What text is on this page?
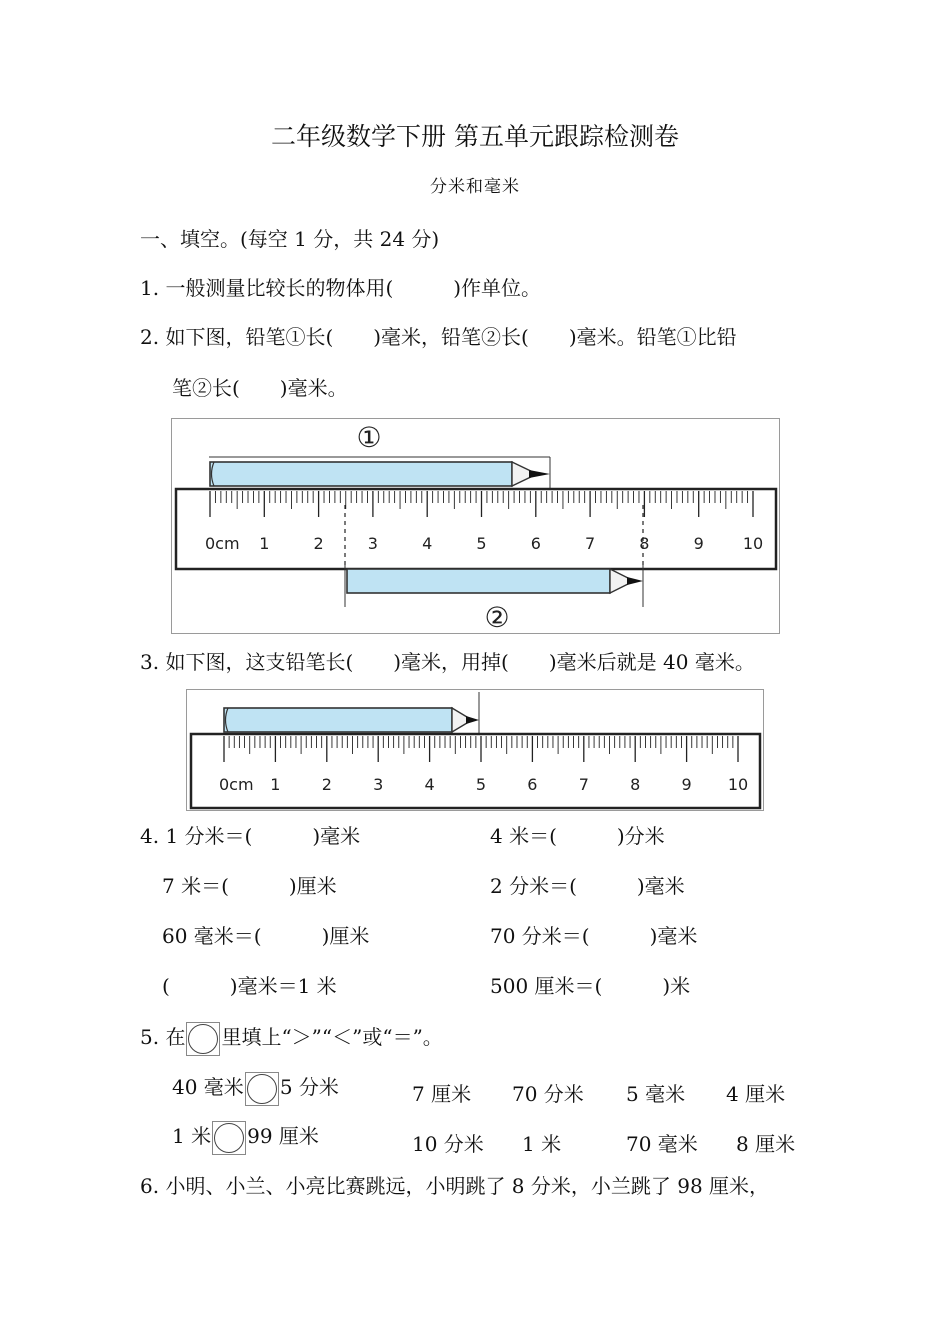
二年级数学下册 第五单元跟踪检测卷
分米和毫米
一、填空。(每空 1 分，共 24 分)
1. 一般测量比较长的物体用(　　　)作单位。
2. 如下图，铅笔①长(　　)毫米，铅笔②长(　　)毫米。铅笔①比铅
笔②长(　　)毫米。
①
0cm 1	2	3	4	5	6	7	8	9 10
②
3. 如下图，这支铅笔长(　　)毫米，用掉(　　)毫米后就是 40 毫米。
0cm 1	2	3	4	5	6	7	8	9 10
4. 1 分米＝(　　　)毫米	4 米＝(　　　)分米
7 米＝(　　　)厘米	2 分米＝(　　　)毫米
60 毫米＝(　　　)厘米	70 分米＝(　　　)毫米
(　　　)毫米＝1 米	500 厘米＝(　　　)米
5. 在 里填上“＞”“＜”或“＝”。
40 毫米 5 分米	7 厘米 70 分米 5 毫米 4 厘米
1 米 99 厘米	10 分米 1 米	70 毫米 8 厘米
6. 小明、小兰、小亮比赛跳远，小明跳了 8 分米，小兰跳了 98 厘米，
